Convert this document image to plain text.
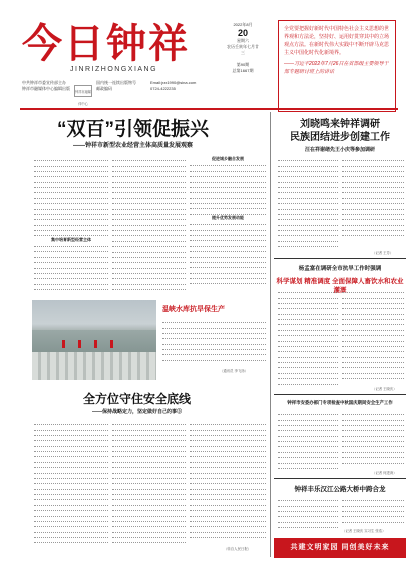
今日钟祥
JINRIZHONGXIANG
中共钟祥市委宣传部主办
钟祥市融媒体中心编辑出版
钟祥市融媒体中心
国内统一连续出版物号
邮政编码
Email:jrzx1990@sina.com
0724-4222235
2022年8月
20
星期六
农历壬寅年七月廿三
第90期
总第1667期

全党要把握好新时代中国特色社会主义思想的世界观和方法论，坚持好、运用好贯穿其中的立场观点方法。在新时代伟大实践中不断开辟马克思主义中国化时代化新境界。

——习近平2022年7月26日在省部级主要领导干部专题研讨班上的讲话

“双百”引领促振兴
——钟祥市新型农业经营主体高质量发展观察
集中培育新型经营主体
促进城乡融合发展
提升优势发展动能
刘晓鸣来钟祥调研
民族团结进步创建工作
汪在祥谢绪先王小庆等参加调研
（记者 王芳）
温峡水库抗旱保生产
（通讯员 李飞扬）
全方位守住安全底线
——保持战略定力，坚定做好自己的事③
（转自人民日报）
杨孟富在调研全市抗旱工作时强调
科学谋划 精准调度 全面保障人畜饮水和农业灌溉
（记者 王晓庆）
钟祥市安委办部门专项检查中秋国庆期间安全生产工作
（记者 何进涛）
钟祥丰乐汉江公路大桥中跨合龙
（记者 王晓庆 实习生 张浩）
共建文明家园 同创美好未来
